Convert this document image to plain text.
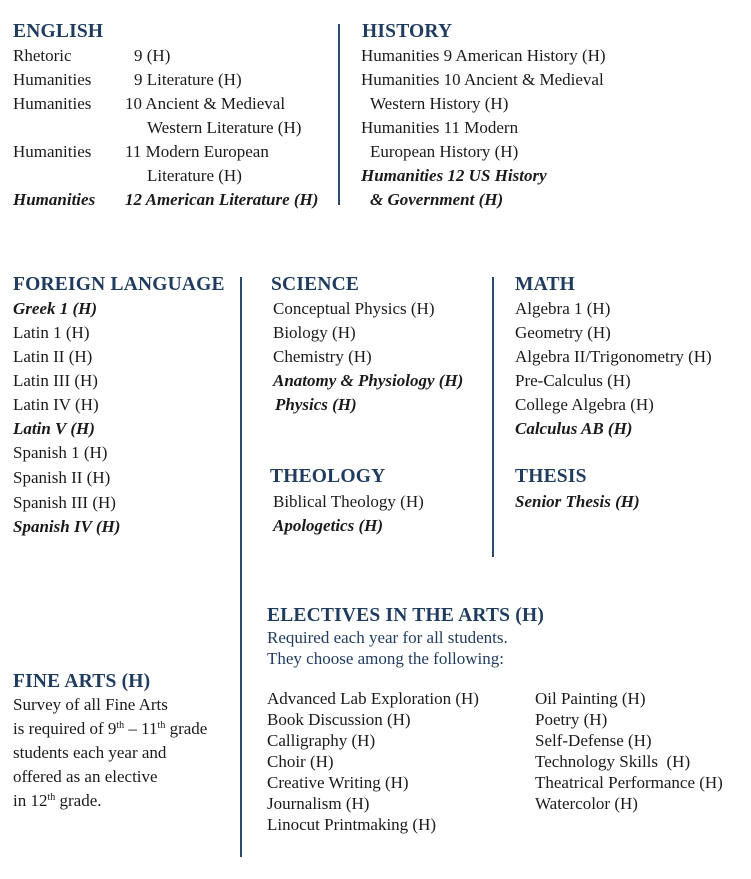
ENGLISH
Rhetoric	9 (H)
Humanities	9 Literature (H)
Humanities 10 Ancient & Medieval
Western Literature (H)
Humanities 11 Modern European
Literature (H)
Humanities 12 American Literature (H)
HISTORY
Humanities 9 American History (H)
Humanities 10 Ancient & Medieval
Western History (H)
Humanities 11 Modern
European History (H)
Humanities 12 US History
& Government (H)
FOREIGN LANGUAGE
Greek 1 (H)
Latin 1 (H)
Latin II (H)
Latin III (H)
Latin IV (H)
Latin V (H)
Spanish 1 (H)
Spanish II (H)
Spanish III (H)
Spanish IV (H)
SCIENCE
Conceptual Physics (H)
Biology (H)
Chemistry (H)
Anatomy & Physiology (H)
Physics (H)
THEOLOGY
Biblical Theology (H)
Apologetics (H)
MATH
Algebra 1 (H)
Geometry (H)
Algebra II/Trigonometry (H)
Pre-Calculus (H)
College Algebra (H)
Calculus AB (H)
THESIS
Senior Thesis (H)
FINE ARTS (H)
Survey of all Fine Arts
is required of 9th – 11th grade
students each year and
offered as an elective
in 12th grade.
ELECTIVES IN THE ARTS (H)
Required each year for all students.
They choose among the following:
Advanced Lab Exploration (H)
Book Discussion (H)
Calligraphy (H)
Choir (H)
Creative Writing (H)
Journalism (H)
Linocut Printmaking (H)
Oil Painting (H)
Poetry (H)
Self-Defense (H)
Technology Skills  (H)
Theatrical Performance (H)
Watercolor (H)
